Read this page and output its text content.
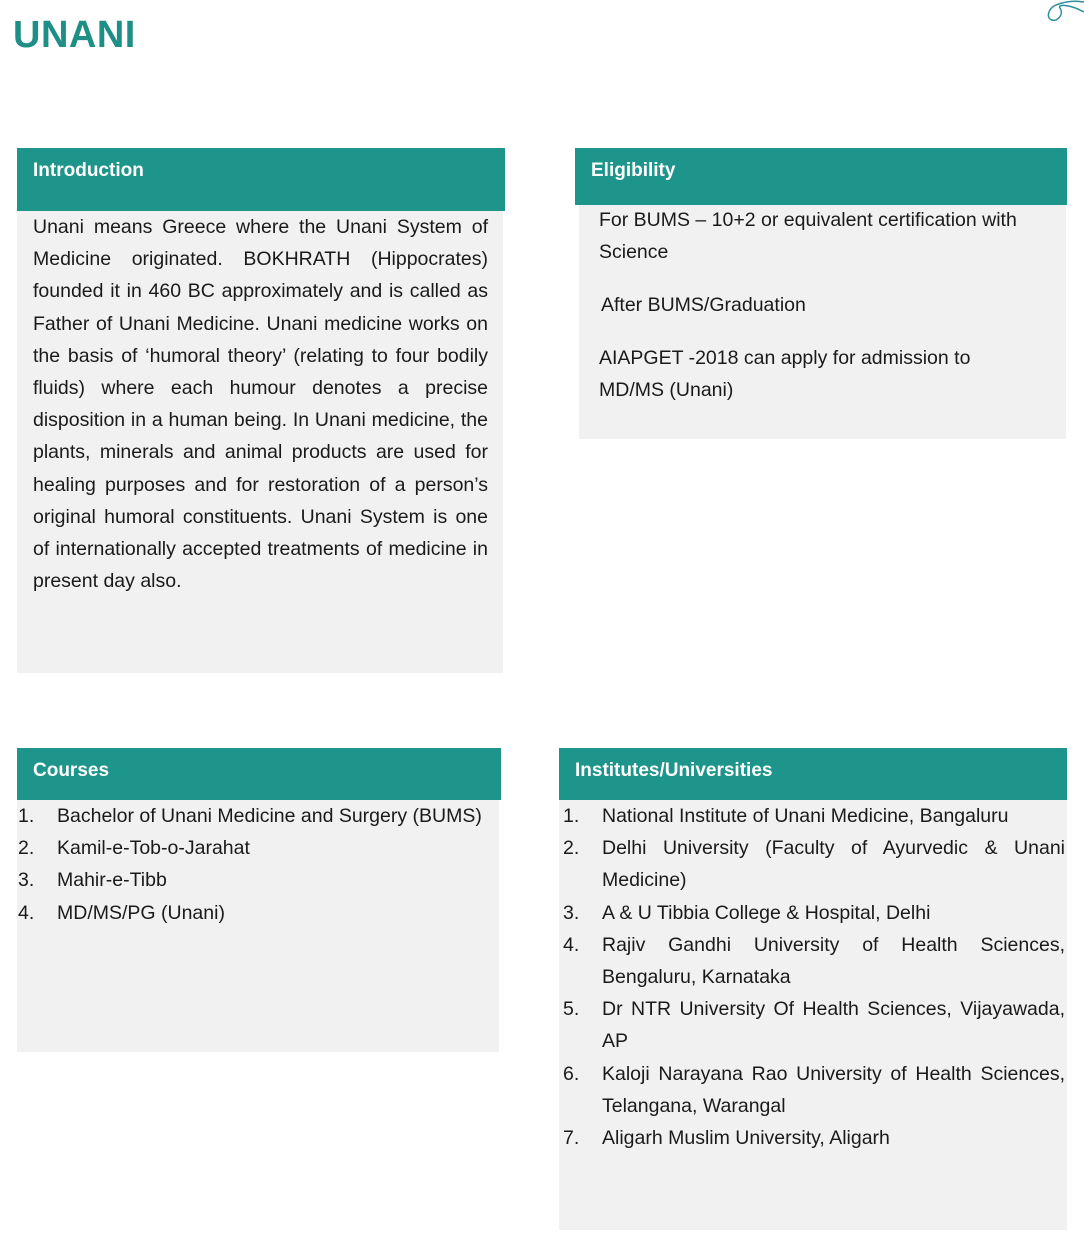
UNANI
Introduction

Unani means Greece where the Unani System of Medicine originated. BOKHRATH (Hippocrates) founded it in 460 BC approximately and is called as Father of Unani Medicine. Unani medicine works on the basis of ‘humoral theory’ (relating to four bodily fluids) where each humour denotes a precise disposition in a human being. In Unani medicine, the plants, minerals and animal products are used for healing purposes and for restoration of a person’s original humoral constituents. Unani System is one of internationally accepted treatments of medicine in present day also.

Eligibility

For BUMS – 10+2 or equivalent certification with Science

After BUMS/Graduation

AIAPGET -2018 can apply for admission to MD/MS (Unani)

Courses
1. Bachelor of Unani Medicine and Surgery (BUMS)
2. Kamil-e-Tob-o-Jarahat
3. Mahir-e-Tibb
4. MD/MS/PG (Unani)
Institutes/Universities
1. National Institute of Unani Medicine, Bangaluru
2. Delhi University (Faculty of Ayurvedic & Unani Medicine)
3. A & U Tibbia College & Hospital, Delhi
4. Rajiv Gandhi University of Health Sciences, Bengaluru, Karnataka
5. Dr NTR University Of Health Sciences, Vijayawada, AP
6. Kaloji Narayana Rao University of Health Sciences, Telangana, Warangal
7. Aligarh Muslim University, Aligarh
